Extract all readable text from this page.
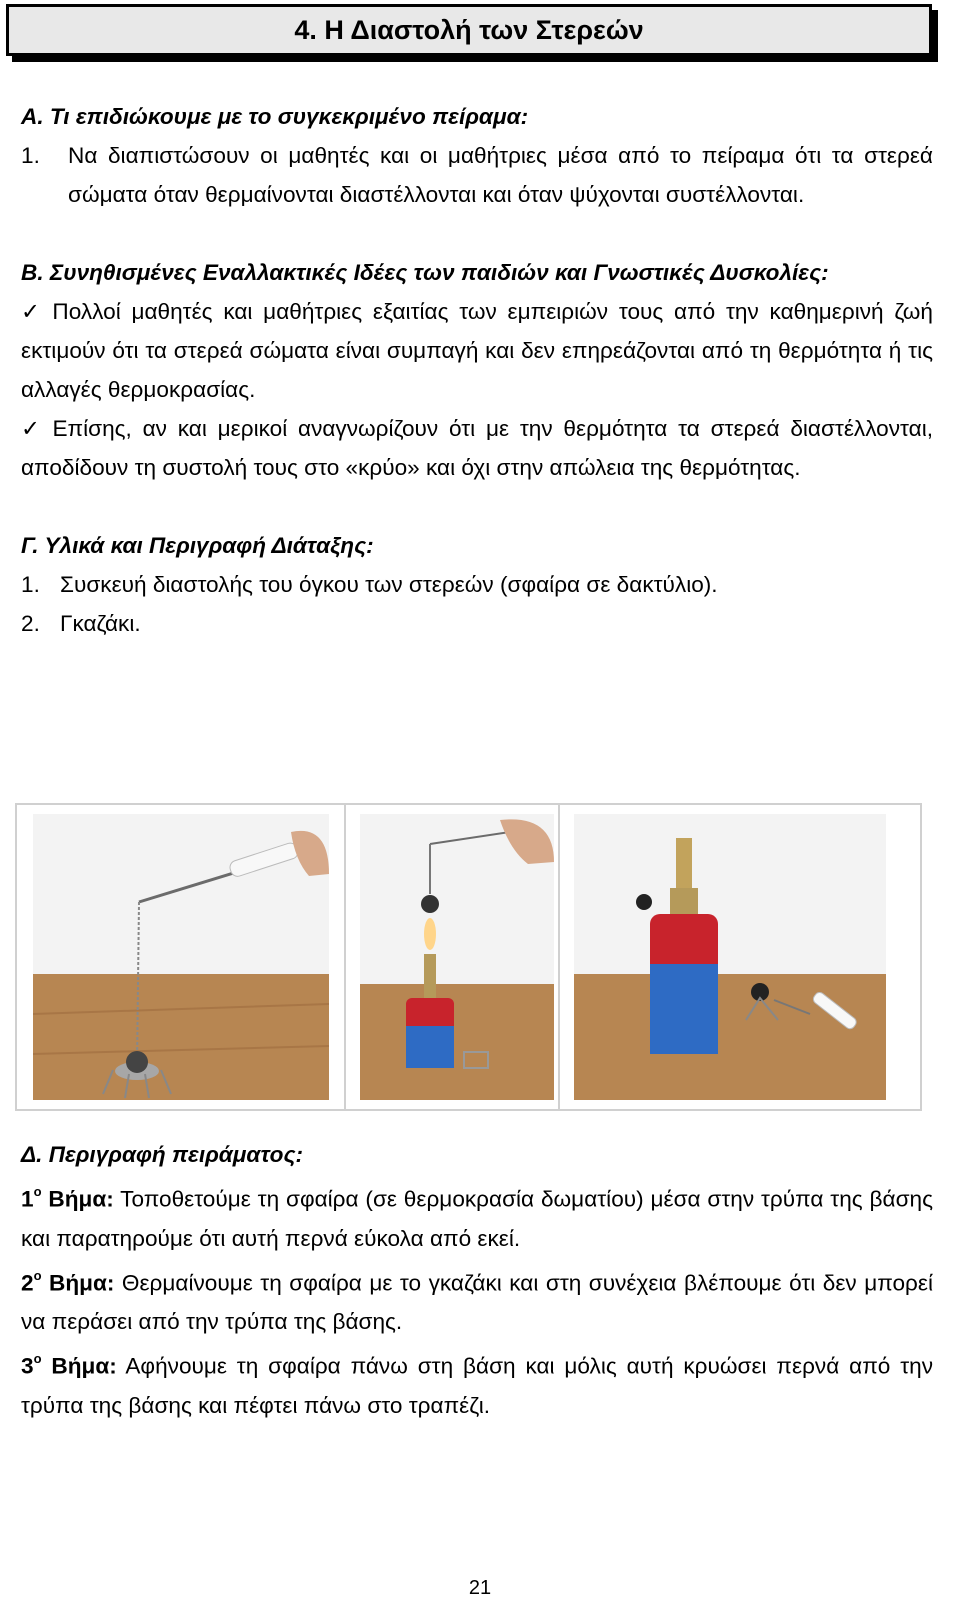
4. Η Διαστολή των Στερεών

Α. Τι επιδιώκουμε με το συγκεκριμένο πείραμα:

1.	Να διαπιστώσουν οι μαθητές και οι μαθήτριες μέσα από το πείραμα ότι τα στερεά σώματα όταν θερμαίνονται διαστέλλονται και όταν ψύχονται συστέλλονται.

Β. Συνηθισμένες Εναλλακτικές Ιδέες των παιδιών και Γνωστικές Δυσκολίες:

✓ Πολλοί μαθητές και μαθήτριες εξαιτίας των εμπειριών τους από την καθημερινή ζωή εκτιμούν ότι τα στερεά σώματα είναι συμπαγή και δεν επηρεάζονται από τη θερμότητα ή τις αλλαγές θερμοκρασίας.

✓ Επίσης, αν και μερικοί αναγνωρίζουν ότι με την θερμότητα τα στερεά διαστέλλονται, αποδίδουν τη συστολή τους στο «κρύο» και όχι στην απώλεια της θερμότητας.

Γ. Υλικά και Περιγραφή Διάταξης:

1. Συσκευή διαστολής του όγκου των στερεών (σφαίρα σε δακτύλιο).

2. Γκαζάκι.

Δ. Περιγραφή πειράματος:

$1^o$ Βήμα: Τοποθετούμε τη σφαίρα (σε θερμοκρασία δωματίου) μέσα στην τρύπα της βάσης και παρατηρούμε ότι αυτή περνά εύκολα από εκεί.

$2^o$ Βήμα: Θερμαίνουμε τη σφαίρα με το γκαζάκι και στη συνέχεια βλέπουμε ότι δεν μπορεί να περάσει από την τρύπα της βάσης.

$3^o$ Βήμα: Αφήνουμε τη σφαίρα πάνω στη βάση και μόλις αυτή κρυώσει περνά από την τρύπα της βάσης και πέφτει πάνω στο τραπέζι.

21
